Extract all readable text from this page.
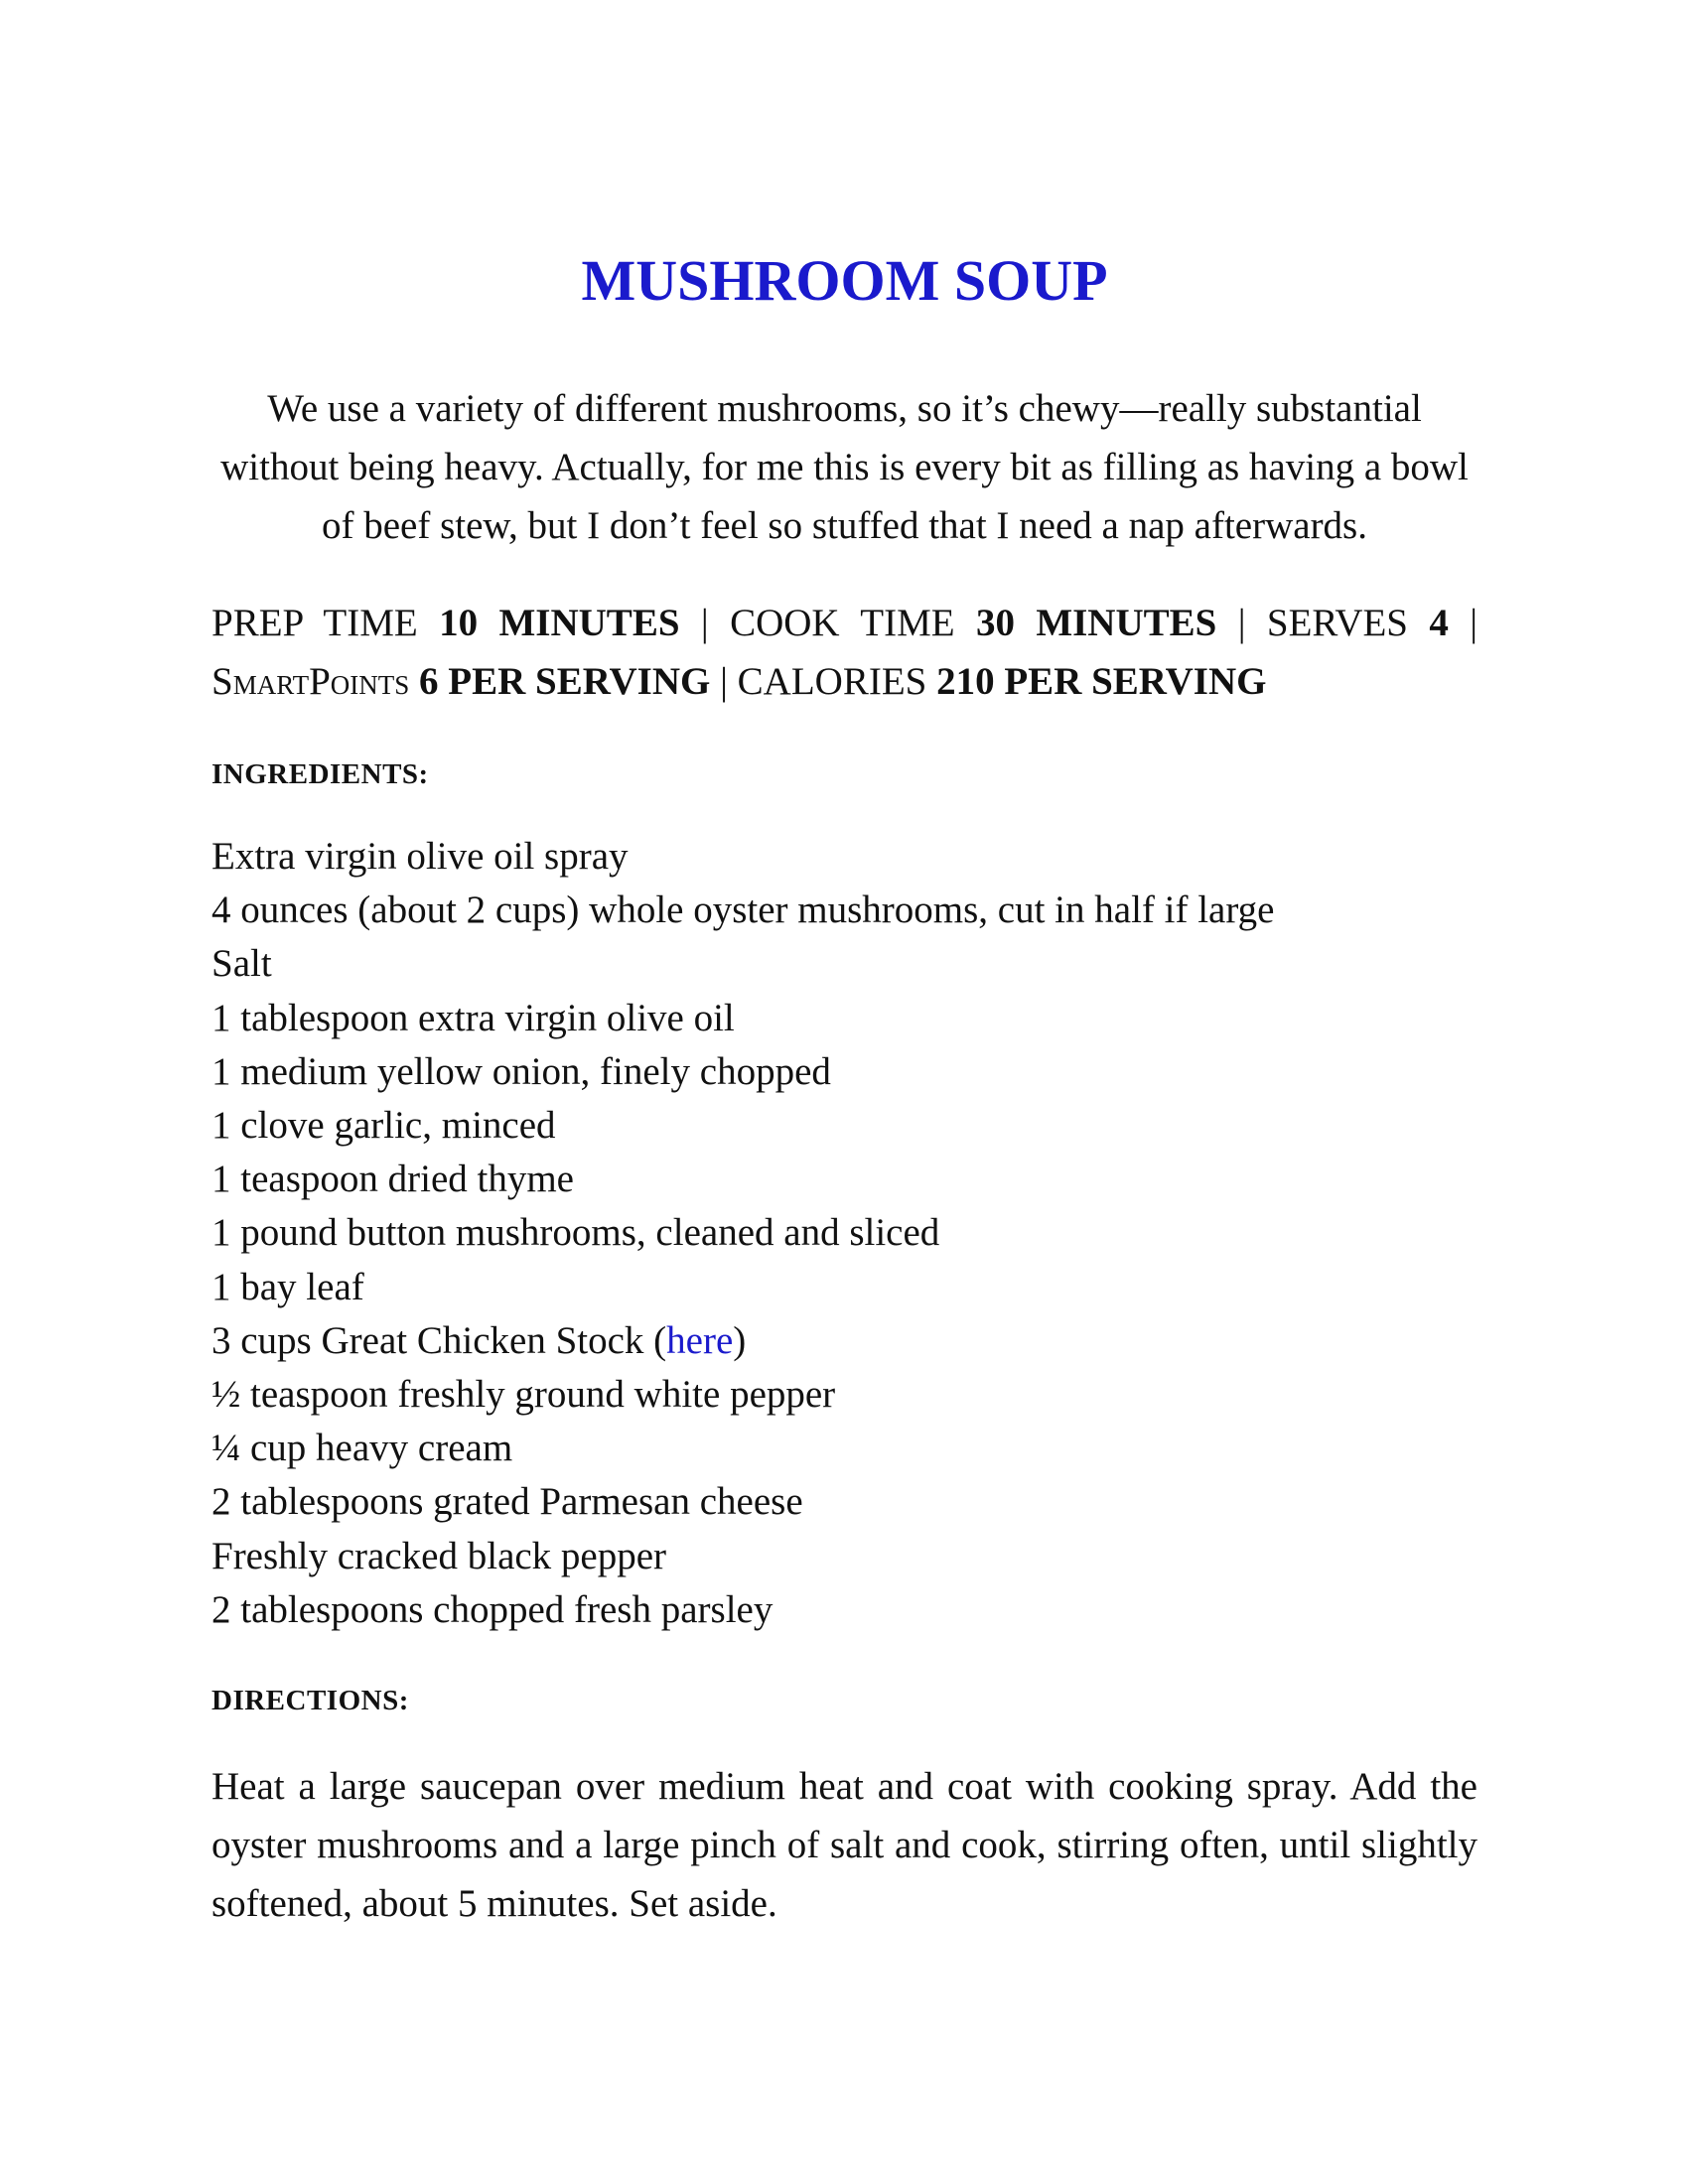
MUSHROOM SOUP

We use a variety of different mushrooms, so it’s chewy—really substantial without being heavy. Actually, for me this is every bit as filling as having a bowl of beef stew, but I don’t feel so stuffed that I need a nap afterwards.

PREP TIME 10 MINUTES | COOK TIME 30 MINUTES | SERVES 4 | SmartPoints 6 PER SERVING | CALORIES 210 PER SERVING

INGREDIENTS:
Extra virgin olive oil spray
4 ounces (about 2 cups) whole oyster mushrooms, cut in half if large
Salt
1 tablespoon extra virgin olive oil
1 medium yellow onion, finely chopped
1 clove garlic, minced
1 teaspoon dried thyme
1 pound button mushrooms, cleaned and sliced
1 bay leaf
3 cups Great Chicken Stock (here)
½ teaspoon freshly ground white pepper
¼ cup heavy cream
2 tablespoons grated Parmesan cheese
Freshly cracked black pepper
2 tablespoons chopped fresh parsley
DIRECTIONS:

Heat a large saucepan over medium heat and coat with cooking spray. Add the oyster mushrooms and a large pinch of salt and cook, stirring often, until slightly softened, about 5 minutes. Set aside.
